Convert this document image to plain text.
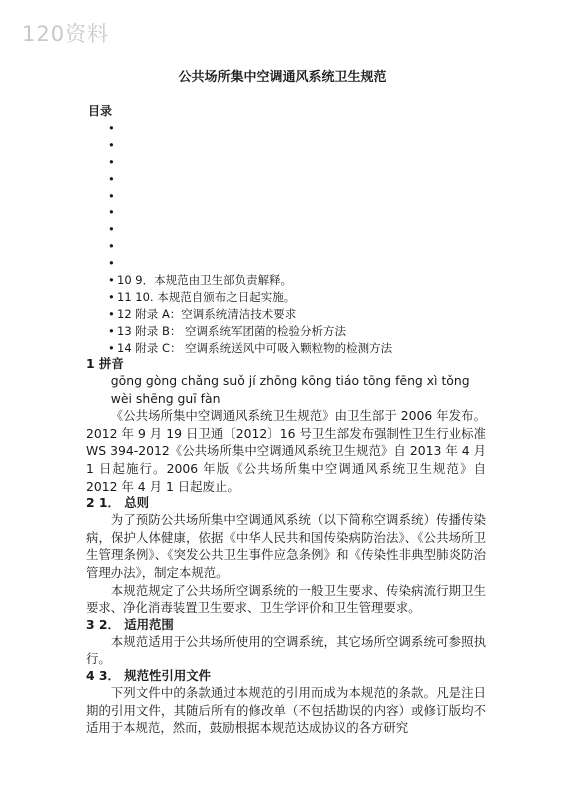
120资料
公共场所集中空调通风系统卫生规范
目录
•
•
•
•
•
•
•
•
•
• 10 9．本规范由卫生部负责解释。
• 11 10. 本规范自颁布之日起实施。
• 12 附录 A：空调系统清洁技术要求
• 13 附录 B： 空调系统军团菌的检验分析方法
• 14 附录 C： 空调系统送风中可吸入颗粒物的检测方法
1 拼音
gōng gòng chǎng suǒ jí zhōng kōng tiáo tōng fēng xì tǒng wèi shēng guī fàn
《公共场所集中空调通风系统卫生规范》由卫生部于 2006 年发布。2012 年 9 月 19 日卫通〔2012〕16 号卫生部发布强制性卫生行业标准 WS 394-2012《公共场所集中空调通风系统卫生规范》自 2013 年 4 月 1 日起施行。2006 年版《公共场所集中空调通风系统卫生规范》自 2012 年 4 月 1 日起废止。
2 1． 总则
为了预防公共场所集中空调通风系统（以下简称空调系统）传播传染病，保护人体健康，依据《中华人民共和国传染病防治法》、《公共场所卫生管理条例》、《突发公共卫生事件应急条例》和《传染性非典型肺炎防治管理办法》，制定本规范。
本规范规定了公共场所空调系统的一般卫生要求、传染病流行期卫生要求、净化消毒装置卫生要求、卫生学评价和卫生管理要求。
3 2． 适用范围
本规范适用于公共场所使用的空调系统，其它场所空调系统可参照执行。
4 3． 规范性引用文件
下列文件中的条款通过本规范的引用而成为本规范的条款。凡是注日期的引用文件，其随后所有的修改单（不包括勘误的内容）或修订版均不适用于本规范，然而，鼓励根据本规范达成协议的各方研究
